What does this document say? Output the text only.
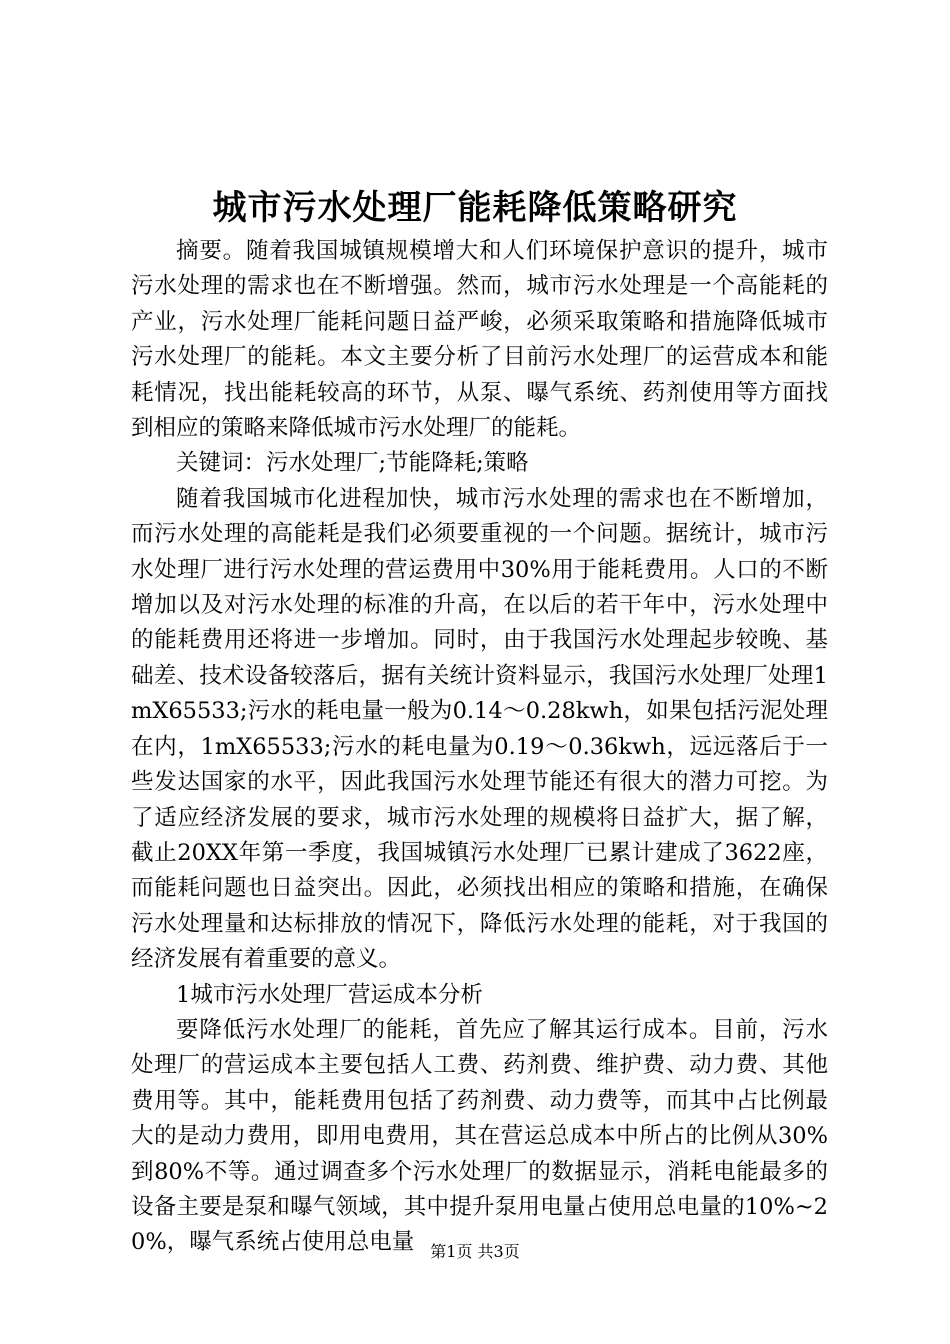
城市污水处理厂能耗降低策略研究

摘要。随着我国城镇规模增大和人们环境保护意识的提升，城市污水处理的需求也在不断增强。然而，城市污水处理是一个高能耗的产业，污水处理厂能耗问题日益严峻，必须采取策略和措施降低城市污水处理厂的能耗。本文主要分析了目前污水处理厂的运营成本和能耗情况，找出能耗较高的环节，从泵、曝气系统、药剂使用等方面找到相应的策略来降低城市污水处理厂的能耗。

关键词：污水处理厂;节能降耗;策略

随着我国城市化进程加快，城市污水处理的需求也在不断增加，而污水处理的高能耗是我们必须要重视的一个问题。据统计，城市污水处理厂进行污水处理的营运费用中30%用于能耗费用。人口的不断增加以及对污水处理的标准的升高，在以后的若干年中，污水处理中的能耗费用还将进一步增加。同时，由于我国污水处理起步较晚、基础差、技术设备较落后，据有关统计资料显示，我国污水处理厂处理1mX65533;污水的耗电量一般为0.14～0.28kwh，如果包括污泥处理在内，1mX65533;污水的耗电量为0.19～0.36kwh，远远落后于一些发达国家的水平，因此我国污水处理节能还有很大的潜力可挖。为了适应经济发展的要求，城市污水处理的规模将日益扩大，据了解，截止20XX年第一季度，我国城镇污水处理厂已累计建成了3622座，而能耗问题也日益突出。因此，必须找出相应的策略和措施，在确保污水处理量和达标排放的情况下，降低污水处理的能耗，对于我国的经济发展有着重要的意义。

1城市污水处理厂营运成本分析

要降低污水处理厂的能耗，首先应了解其运行成本。目前，污水处理厂的营运成本主要包括人工费、药剂费、维护费、动力费、其他费用等。其中，能耗费用包括了药剂费、动力费等，而其中占比例最大的是动力费用，即用电费用，其在营运总成本中所占的比例从30%到80%不等。通过调查多个污水处理厂的数据显示，消耗电能最多的设备主要是泵和曝气领域，其中提升泵用电量占使用总电量的10%~20%，曝气系统占使用总电量	第1页 共3页
